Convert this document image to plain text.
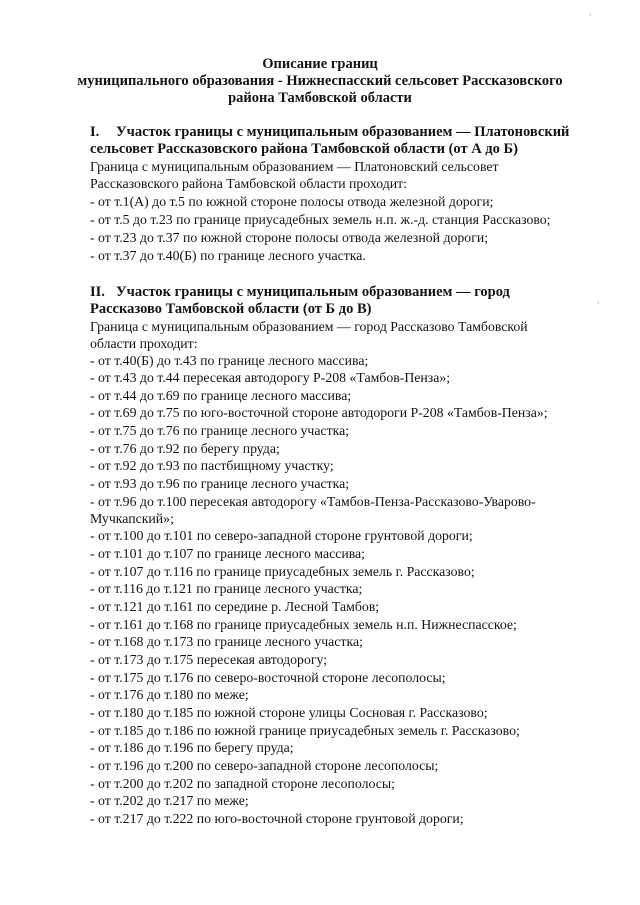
Описание границ

муниципального образования - Нижнеспасский сельсовет Рассказовского

района Тамбовской области

I. Участок границы с муниципальным образованием — Платоновский

сельсовет Рассказовского района Тамбовской области (от А до Б)

Граница с муниципальным образованием — Платоновский сельсовет

Рассказовского района Тамбовской области проходит:

- от т.1(А) до т.5 по южной стороне полосы отвода железной дороги;

- от т.5 до т.23 по границе приусадебных земель н.п. ж.-д. станция Рассказово;

- от т.23 до т.37 по южной стороне полосы отвода железной дороги;

- от т.37 до т.40(Б) по границе лесного участка.

II. Участок границы с муниципальным образованием — город

Рассказово Тамбовской области (от Б до В)

Граница с муниципальным образованием — город Рассказово Тамбовской

области проходит:

- от т.40(Б) до т.43 по границе лесного массива;

- от т.43 до т.44 пересекая автодорогу Р-208 «Тамбов-Пенза»;

- от т.44 до т.69 по границе лесного массива;

- от т.69 до т.75 по юго-восточной стороне автодороги Р-208 «Тамбов-Пенза»;

- от т.75 до т.76 по границе лесного участка;

- от т.76 до т.92 по берегу пруда;

- от т.92 до т.93 по пастбищному участку;

- от т.93 до т.96 по границе лесного участка;

- от т.96 до т.100 пересекая автодорогу «Тамбов-Пенза-Рассказово-Уварово-

Мучкапский»;

- от т.100 до т.101 по северо-западной стороне грунтовой дороги;

- от т.101 до т.107 по границе лесного массива;

- от т.107 до т.116 по границе приусадебных земель г. Рассказово;

- от т.116 до т.121 по границе лесного участка;

- от т.121 до т.161 по середине р. Лесной Тамбов;

- от т.161 до т.168 по границе приусадебных земель н.п. Нижнеспасское;

- от т.168 до т.173 по границе лесного участка;

- от т.173 до т.175 пересекая автодорогу;

- от т.175 до т.176 по северо-восточной стороне лесополосы;

- от т.176 до т.180 по меже;

- от т.180 до т.185 по южной стороне улицы Сосновая г. Рассказово;

- от т.185 до т.186 по южной границе приусадебных земель г. Рассказово;

- от т.186 до т.196 по берегу пруда;

- от т.196 до т.200 по северо-западной стороне лесополосы;

- от т.200 до т.202 по западной стороне лесополосы;

- от т.202 до т.217 по меже;

- от т.217 до т.222 по юго-восточной стороне грунтовой дороги;

·
·
